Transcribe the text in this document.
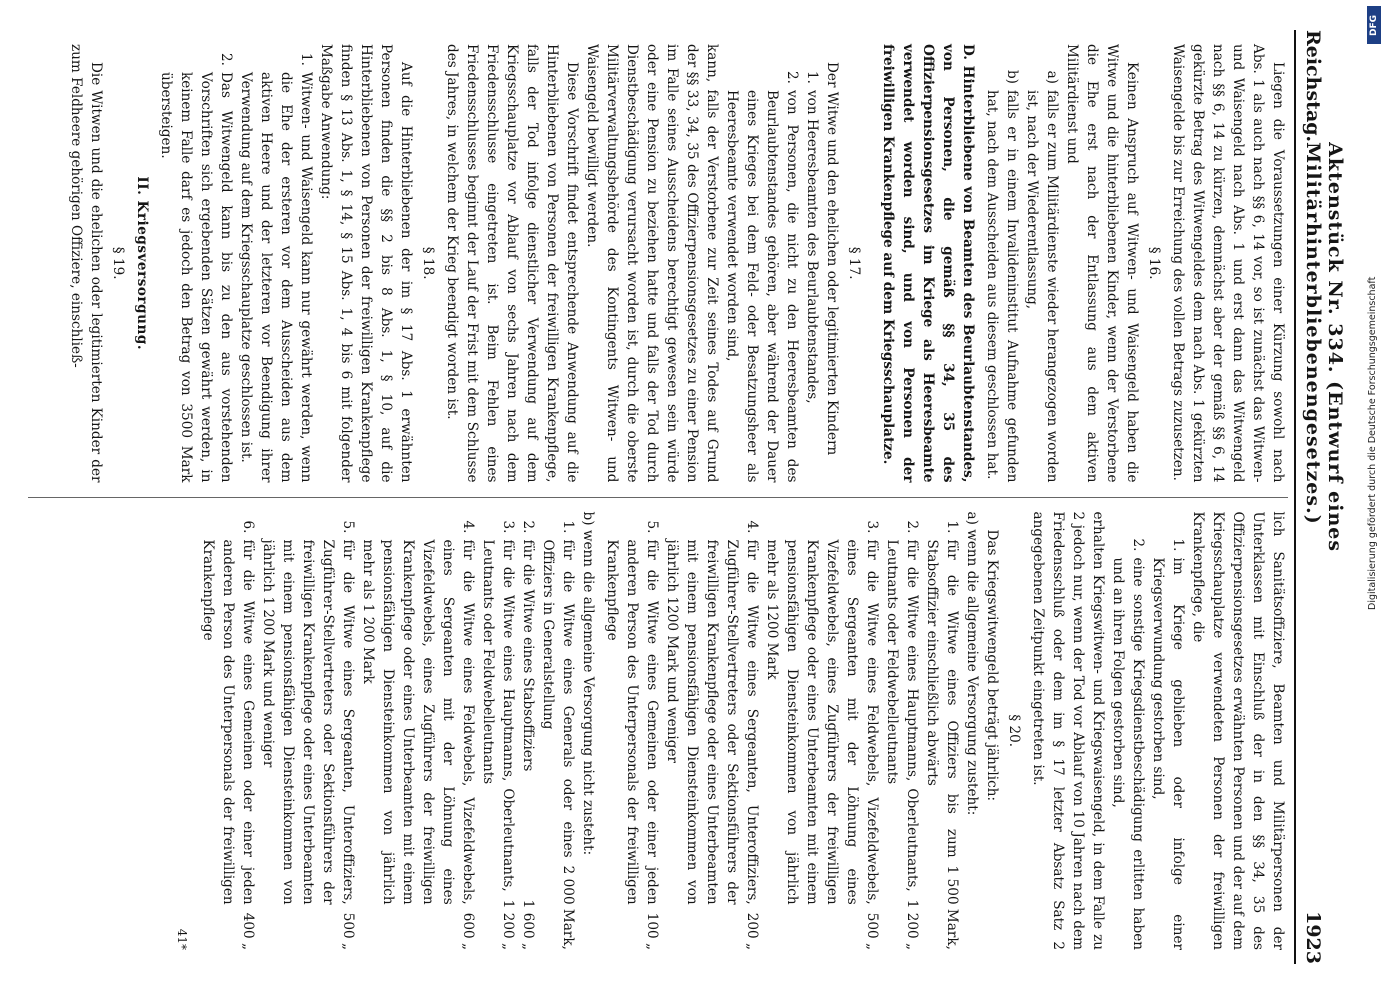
Reichstag.
Aktenstück Nr. 334. (Entwurf eines Militärhinterbliebenengesetzes.)
1923

Liegen die Voraussetzungen einer Kürzung sowohl nach Abs. 1 als auch nach §§ 6, 14 vor, so ist zunächst das Witwen- und Waisengeld nach Abs. 1 und erst dann das Witwengeld nach §§ 6, 14 zu kürzen, demnächst aber der gemäß §§ 6, 14 gekürzte Betrag des Witwengeldes dem nach Abs. 1 gekürzten Waisengelde bis zur Erreichung des vollen Betrags zuzusetzen.

§ 16.

Keinen Anspruch auf Witwen- und Waisengeld haben die Witwe und die hinterbliebenen Kinder, wenn der Verstorbene die Ehe erst nach der Entlassung aus dem aktiven Militärdienst und

a)
falls er zum Militärdienste wieder herangezogen worden ist, nach der Wiederentlassung,
b)
falls er in einem Invalideninstitut Aufnahme gefunden hat, nach dem Ausscheiden aus diesem geschlossen hat.

D. Hinterbliebene von Beamten des Beurlaubtenstandes, von Personen, die gemäß §§ 34, 35 des Offizierpensionsgesetzes im Kriege als Heeresbeamte verwendet worden sind, und von Personen der freiwilligen Krankenpflege auf dem Kriegsschauplatze.

§ 17.

Der Witwe und den ehelichen oder legitimierten Kindern

1.
von Heeresbeamten des Beurlaubtenstandes,
2.
von Personen, die nicht zu den Heeresbeamten des Beurlaubtenstandes gehören, aber während der Dauer eines Krieges bei dem Feld- oder Besatzungsheer als Heeresbeamte verwendet worden sind,

kann, falls der Verstorbene zur Zeit seines Todes auf Grund der §§ 33, 34, 35 des Offizierpensionsgesetzes zu einer Pension im Falle seines Ausscheidens berechtigt gewesen sein würde oder eine Pension zu beziehen hatte und falls der Tod durch Dienstbeschädigung verursacht worden ist, durch die oberste Militärverwaltungsbehörde des Kontingents Witwen- und Waisengeld bewilligt werden.

Diese Vorschrift findet entsprechende Anwendung auf die Hinterbliebenen von Personen der freiwilligen Krankenpflege, falls der Tod infolge dienstlicher Verwendung auf dem Kriegsschauplatze vor Ablauf von sechs Jahren nach dem Friedensschlusse eingetreten ist. Beim Fehlen eines Friedensschlusses beginnt der Lauf der Frist mit dem Schlusse des Jahres, in welchem der Krieg beendigt worden ist.

§ 18.

Auf die Hinterbliebenen der im § 17 Abs. 1 erwähnten Personen finden die §§ 2 bis 8 Abs. 1, § 10, auf die Hinterbliebenen von Personen der freiwilligen Krankenpflege finden § 13 Abs. 1, § 14, § 15 Abs. 1, 4 bis 6 mit folgender Maßgabe Anwendung:

1.
Witwen- und Waisengeld kann nur gewährt werden, wenn die Ehe der ersteren vor dem Ausscheiden aus dem aktiven Heere und der letzteren vor Beendigung ihrer Verwendung auf dem Kriegsschauplatze geschlossen ist.
2.
Das Witwengeld kann bis zu den aus vorstehenden Vorschriften sich ergebenden Sätzen gewährt werden, in keinem Falle darf es jedoch den Betrag von 3500 Mark übersteigen.

II. Kriegsversorgung.

§ 19.

Die Witwen und die ehelichen oder legitimierten Kinder der zum Feldheere gehörigen Offiziere, einschließ-

lich Sanitätsoffiziere, Beamten und Militärpersonen der Unterklassen mit Einschluß der in den §§ 34, 35 des Offizierpensionsgesetzes erwähnten Personen und der auf dem Kriegsschauplatze verwendeten Personen der freiwilligen Krankenpflege, die

1.
im Kriege geblieben oder infolge einer Kriegsverwundung gestorben sind,
2.
eine sonstige Kriegsdienstbeschädigung erlitten haben und an ihren Folgen gestorben sind,

erhalten Kriegswitwen- und Kriegswaisengeld, in dem Falle zu 2 jedoch nur, wenn der Tod vor Ablauf von 10 Jahren nach dem Friedensschluß oder dem im § 17 letzter Absatz Satz 2 angegebenen Zeitpunkt eingetreten ist.

§ 20.

Das Kriegswitwengeld beträgt jährlich:

a) wenn die allgemeine Versorgung zusteht:

1.
für die Witwe eines Offiziers bis zum Stabsoffizier einschließlich abwärts
1 500 Mark,
2.
für die Witwe eines Hauptmanns, Oberleutnants, Leutnants oder Feldwebelleutnants
1 200 „
3.
für die Witwe eines Feldwebels, Vizefeldwebels, eines Sergeanten mit der Löhnung eines Vizefeldwebels, eines Zugführers der freiwilligen Krankenpflege oder eines Unterbeamten mit einem pensionsfähigen Diensteinkommen von jährlich mehr als 1200 Mark
500 „
4.
für die Witwe eines Sergeanten, Unteroffiziers, Zugführer-Stellvertreters oder Sektionsführers der freiwilligen Krankenpflege oder eines Unterbeamten mit einem pensionsfähigen Diensteinkommen von jährlich 1200 Mark und weniger
200 „
5.
für die Witwe eines Gemeinen oder einer jeden anderen Person des Unterpersonals der freiwilligen Krankenpflege
100 „

b) wenn die allgemeine Versorgung nicht zusteht:

1.
für die Witwe eines Generals oder eines Offiziers in Generalstellung
2 000 Mark,
2.
für die Witwe eines Stabsoffiziers
1 600 „
3.
für die Witwe eines Hauptmanns, Oberleutnants, Leutnants oder Feldwebelleutnants
1 200 „
4.
für die Witwe eines Feldwebels, Vizefeldwebels, eines Sergeanten mit der Löhnung eines Vizefeldwebels, eines Zugführers der freiwilligen Krankenpflege oder eines Unterbeamten mit einem pensionsfähigen Diensteinkommen von jährlich mehr als 1 200 Mark
600 „
5.
für die Witwe eines Sergeanten, Unteroffiziers, Zugführer-Stellvertreters oder Sektionsführers der freiwilligen Krankenpflege oder eines Unterbeamten mit einem pensionsfähigen Diensteinkommen von jährlich 1 200 Mark und weniger
500 „
6.
für die Witwe eines Gemeinen oder einer jeden anderen Person des Unterpersonals der freiwilligen Krankenpflege
400 „
41*
DFG
Digitalisierung gefördert durch die Deutsche Forschungsgemeinschaft
